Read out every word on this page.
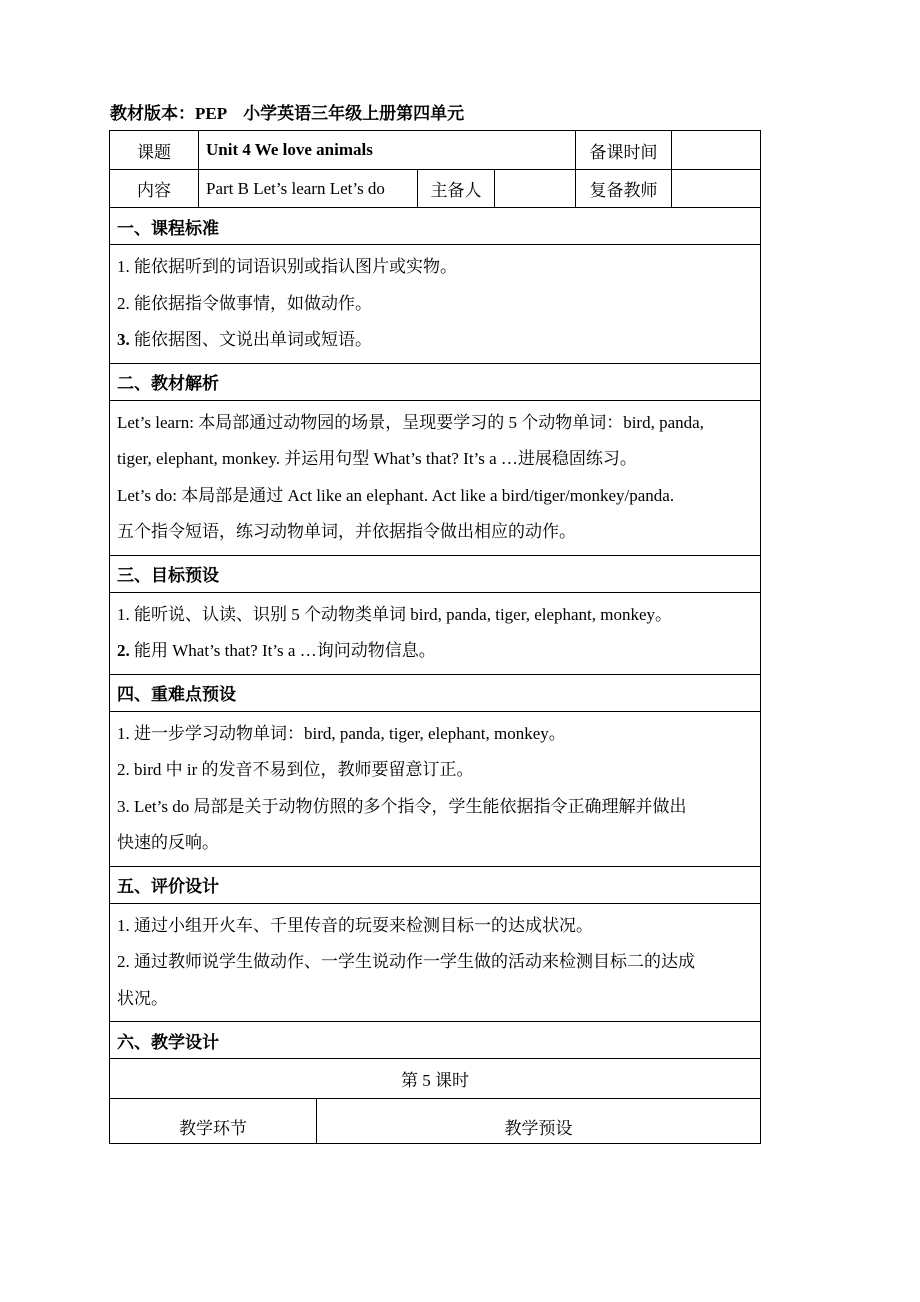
教材版本：PEP    小学英语三年级上册第四单元
课题	Unit 4 We love animals				备课时间	
内容	Part B Let’s learn Let’s do		主备人		复备教师	
一、课程标准						

1. 能依据听到的词语识别或指认图片或实物。

2. 能依据指令做事情，如做动作。

3. 能依据图、文说出单词或短语。						

二、教材解析						

Let’s learn: 本局部通过动物园的场景，呈现要学习的 5 个动物单词：bird, panda,

tiger, elephant, monkey. 并运用句型 What’s that? It’s a …进展稳固练习。

Let’s do: 本局部是通过 Act like an elephant. Act like a bird/tiger/monkey/panda.

五个指令短语，练习动物单词，并依据指令做出相应的动作。						

三、目标预设						

1. 能听说、认读、识别 5 个动物类单词 bird, panda, tiger, elephant, monkey。

2. 能用 What’s that? It’s a …询问动物信息。						

四、重难点预设						

1. 进一步学习动物单词：bird, panda, tiger, elephant, monkey。

2. bird 中 ir 的发音不易到位，教师要留意订正。

3. Let’s do 局部是关于动物仿照的多个指令，学生能依据指令正确理解并做出

快速的反响。						

五、评价设计						

1. 通过小组开火车、千里传音的玩耍来检测目标一的达成状况。

2. 通过教师说学生做动作、一学生说动作一学生做的活动来检测目标二的达成

状况。						

六、教学设计						
第 5 课时						
教学环节		教学预设				
